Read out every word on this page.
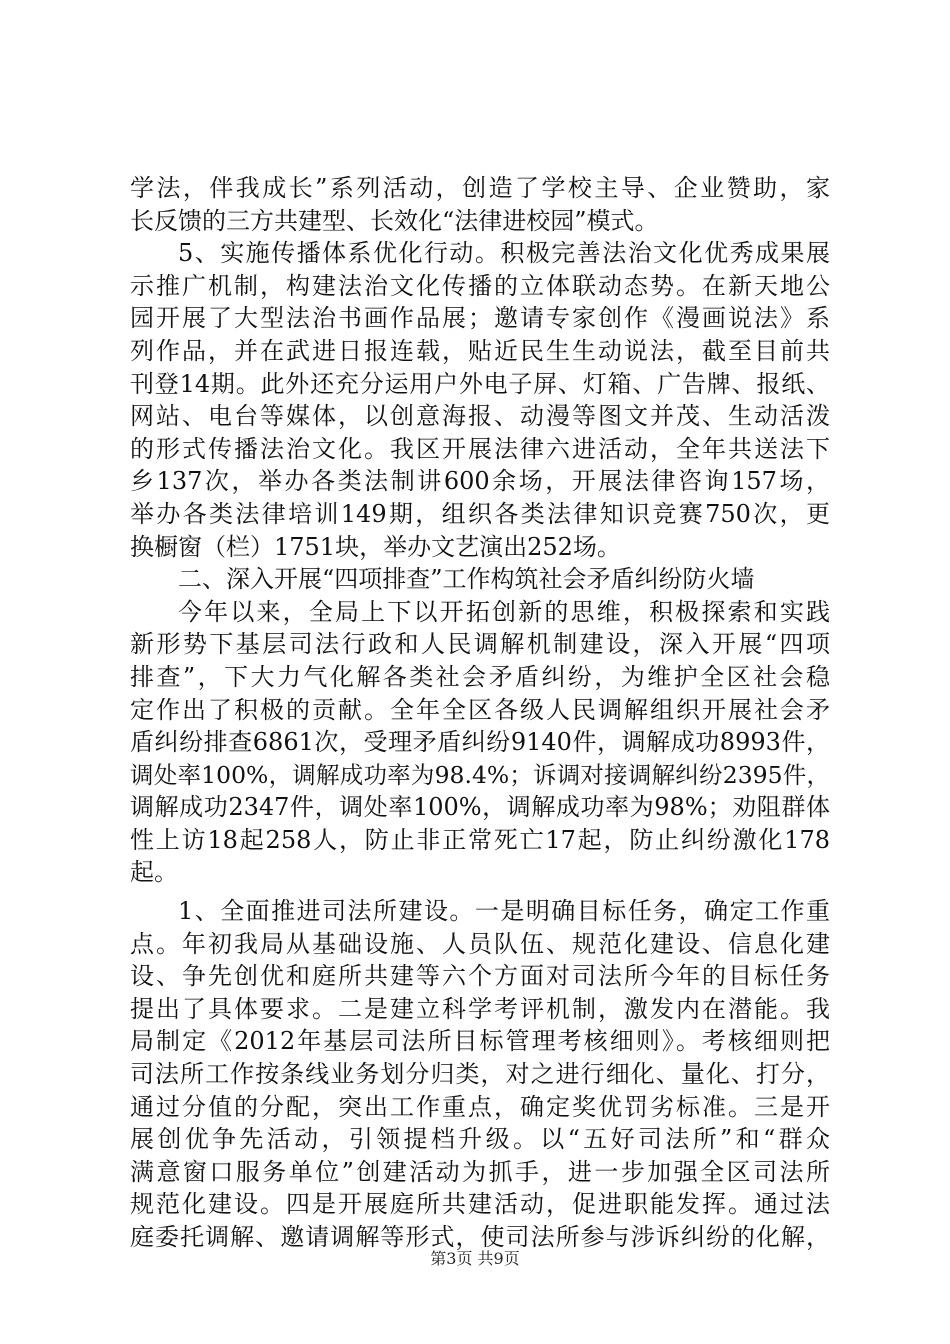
学法，伴我成长”系列活动，创造了学校主导、企业赞助，家
长反馈的三方共建型、长效化“法律进校园”模式。
5、实施传播体系优化行动。积极完善法治文化优秀成果展
示推广机制，构建法治文化传播的立体联动态势。在新天地公
园开展了大型法治书画作品展；邀请专家创作《漫画说法》系
列作品，并在武进日报连载，贴近民生生动说法，截至目前共
刊登14期。此外还充分运用户外电子屏、灯箱、广告牌、报纸、
网站、电台等媒体，以创意海报、动漫等图文并茂、生动活泼
的形式传播法治文化。我区开展法律六进活动，全年共送法下
乡137次，举办各类法制讲600余场，开展法律咨询157场，
举办各类法律培训149期，组织各类法律知识竞赛750次，更
换橱窗（栏）1751块，举办文艺演出252场。
二、深入开展“四项排查”工作构筑社会矛盾纠纷防火墙
今年以来，全局上下以开拓创新的思维，积极探索和实践
新形势下基层司法行政和人民调解机制建设，深入开展“四项
排查”，下大力气化解各类社会矛盾纠纷，为维护全区社会稳
定作出了积极的贡献。全年全区各级人民调解组织开展社会矛
盾纠纷排查6861次，受理矛盾纠纷9140件，调解成功8993件，
调处率100%，调解成功率为98.4%；诉调对接调解纠纷2395件，
调解成功2347件，调处率100%，调解成功率为98%；劝阻群体
性上访18起258人，防止非正常死亡17起，防止纠纷激化178
起。
1、全面推进司法所建设。一是明确目标任务，确定工作重
点。年初我局从基础设施、人员队伍、规范化建设、信息化建
设、争先创优和庭所共建等六个方面对司法所今年的目标任务
提出了具体要求。二是建立科学考评机制，激发内在潜能。我
局制定《2012年基层司法所目标管理考核细则》。考核细则把
司法所工作按条线业务划分归类，对之进行细化、量化、打分，
通过分值的分配，突出工作重点，确定奖优罚劣标准。三是开
展创优争先活动，引领提档升级。以“五好司法所”和“群众
满意窗口服务单位”创建活动为抓手，进一步加强全区司法所
规范化建设。四是开展庭所共建活动，促进职能发挥。通过法
庭委托调解、邀请调解等形式，使司法所参与涉诉纠纷的化解，
第3页 共9页
